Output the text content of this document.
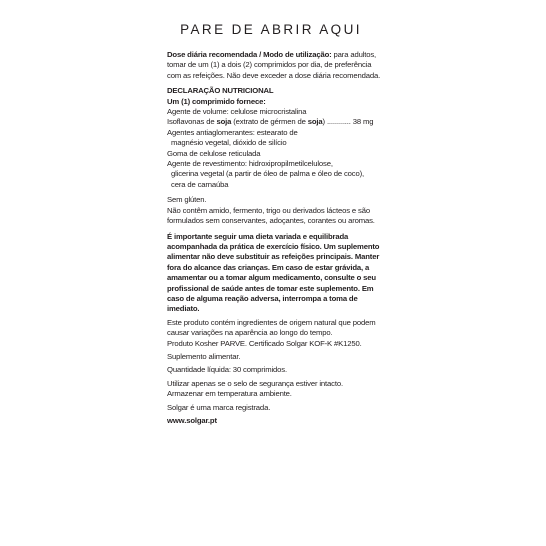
PARE DE ABRIR AQUI

Dose diária recomendada / Modo de utilização: para adultos, tomar de um (1) a dois (2) comprimidos por dia, de preferência com as refeições. Não deve exceder a dose diária recomendada.

DECLARAÇÃO NUTRICIONAL
Um (1) comprimido fornece:
Agente de volume: celulose microcristalina
Isoflavonas de soja (extrato de gérmen de soja) ............ 38 mg
Agentes antiaglomerantes: estearato de
magnésio vegetal, dióxido de silício
Goma de celulose reticulada
Agente de revestimento: hidroxipropilmetilcelulose,
glicerina vegetal (a partir de óleo de palma e óleo de coco),
cera de carnaúba
Sem glúten.

Não contêm amido, fermento, trigo ou derivados lácteos e são formulados sem conservantes, adoçantes, corantes ou aromas.

É importante seguir uma dieta variada e equilibrada acompanhada da prática de exercício físico. Um suplemento alimentar não deve substituir as refeições principais. Manter fora do alcance das crianças. Em caso de estar grávida, a amamentar ou a tomar algum medicamento, consulte o seu profissional de saúde antes de tomar este suplemento. Em caso de alguma reação adversa, interrompa a toma de imediato.

Este produto contém ingredientes de origem natural que podem causar variações na aparência ao longo do tempo.

Produto Kosher PARVE. Certificado Solgar KOF-K #K1250.
Suplemento alimentar.
Quantidade líquida: 30 comprimidos.
Utilizar apenas se o selo de segurança estiver intacto.
Armazenar em temperatura ambiente.
Solgar é uma marca registrada.
www.solgar.pt
